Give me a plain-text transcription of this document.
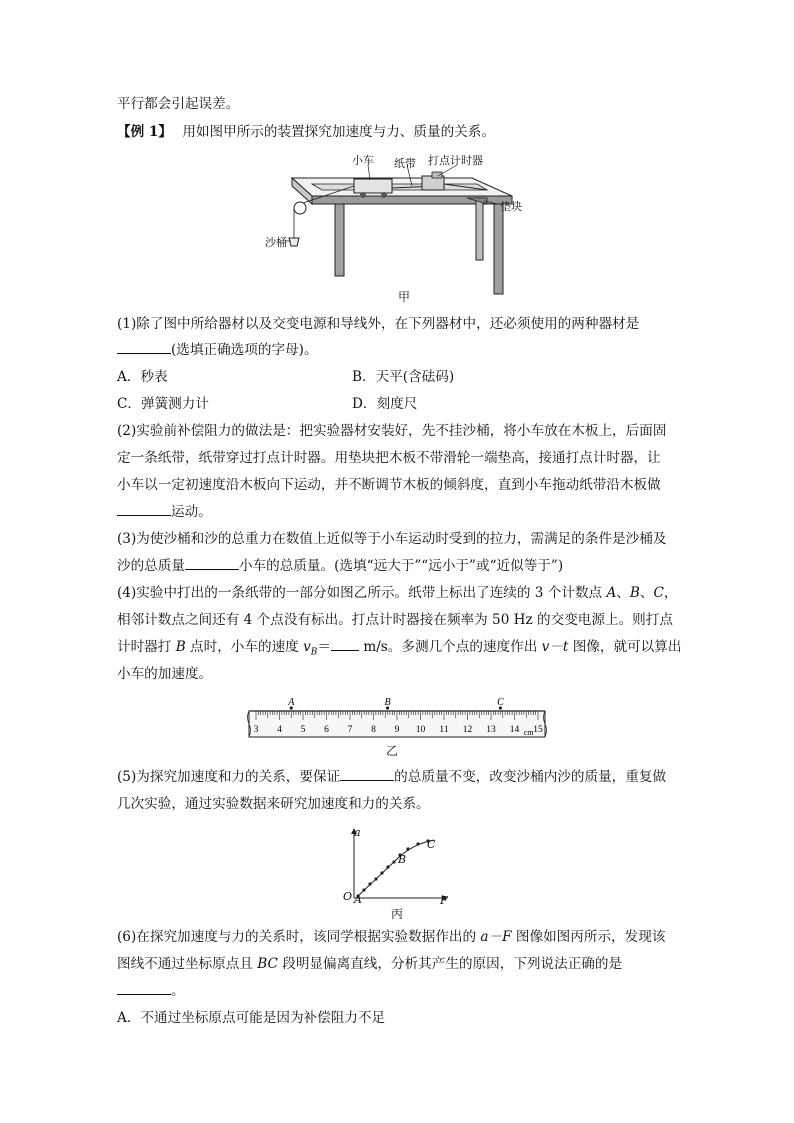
平行都会引起误差。
【例 1】 用如图甲所示的装置探究加速度与力、质量的关系。
小车 纸带 打点计时器
垫块
沙桶
甲
(1)除了图中所给器材以及交变电源和导线外，在下列器材中，还必须使用的两种器材是
(选填正确选项的字母)。
A．秒表	B．天平(含砝码)
C．弹簧测力计	D．刻度尺
(2)实验前补偿阻力的做法是：把实验器材安装好，先不挂沙桶，将小车放在木板上，后面固
定一条纸带，纸带穿过打点计时器。用垫块把木板不带滑轮一端垫高，接通打点计时器，让
小车以一定初速度沿木板向下运动，并不断调节木板的倾斜度，直到小车拖动纸带沿木板做
运动。
(3)为使沙桶和沙的总重力在数值上近似等于小车运动时受到的拉力，需满足的条件是沙桶及
沙的总质量	小车的总质量。(选填“远大于”“远小于”或“近似等于”)
(4)实验中打出的一条纸带的一部分如图乙所示。纸带上标出了连续的 3 个计数点 A、B、C，
相邻计数点之间还有 4 个点没有标出。打点计时器接在频率为 50 Hz 的交变电源上。则打点
计时器打 B 点时，小车的速度 $v_B= m/s$。多测几个点的速度作出 v－t 图像，就可以算出
小车的加速度。
3 4 5 6 7 8 9 10 11 12 13 14 15
cm
A	B	C
乙
(5)为探究加速度和力的关系，要保证	的总质量不变，改变沙桶内沙的质量，重复做
几次实验，通过实验数据来研究加速度和力的关系。
a
F
O A
B
C
丙
(6)在探究加速度与力的关系时，该同学根据实验数据作出的 a－F 图像如图丙所示，发现该
图线不通过坐标原点且 BC 段明显偏离直线，分析其产生的原因，下列说法正确的是
。
A．不通过坐标原点可能是因为补偿阻力不足
